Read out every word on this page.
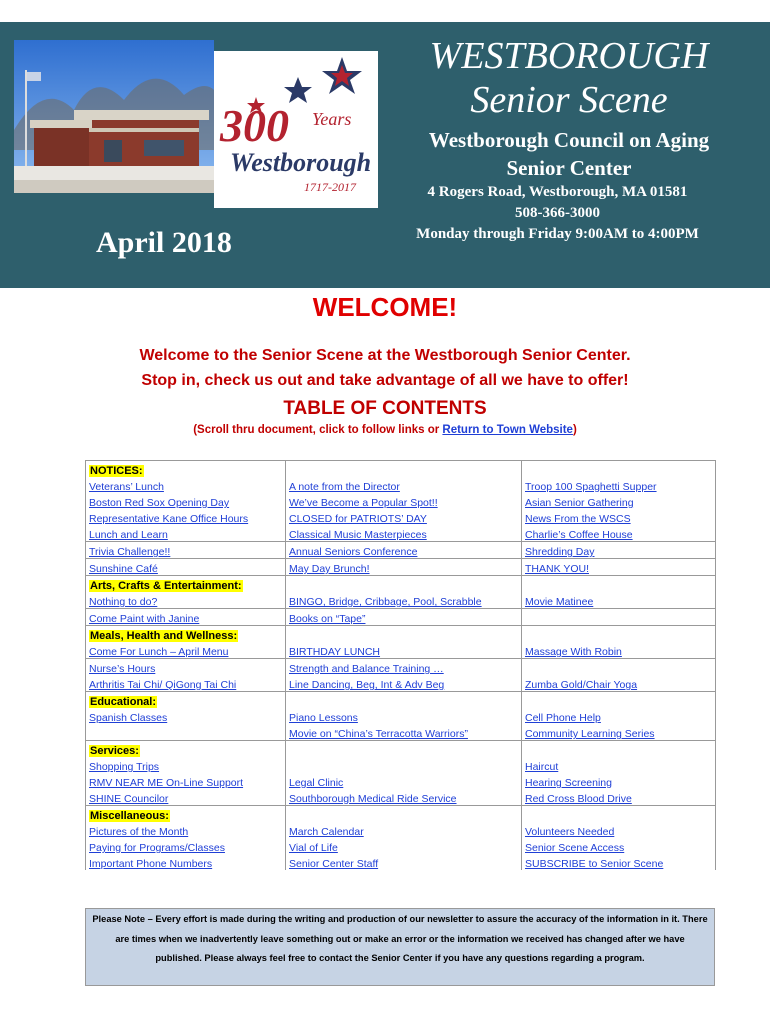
300 Years
Westborough
1717-2017
WESTBOROUGH
Senior Scene
Westborough Council on Aging
Senior Center
4 Rogers Road, Westborough, MA 01581
508-366-3000
Monday through Friday 9:00AM to 4:00PM
April 2018
WELCOME!
Welcome to the Senior Scene at the Westborough Senior Center.
Stop in, check us out and take advantage of all we have to offer!
TABLE OF CONTENTS
(Scroll thru document, click to follow links or Return to Town Website)
NOTICES:		
Veterans’ Lunch	A note from the Director	Troop 100 Spaghetti Supper
Boston Red Sox Opening Day	We’ve Become a Popular Spot!!	Asian Senior Gathering
Representative Kane Office Hours	CLOSED for PATRIOTS’ DAY	News From the WSCS
Lunch and Learn	Classical Music Masterpieces	Charlie’s Coffee House
Trivia Challenge!!	Annual Seniors Conference	Shredding Day
Sunshine Café	May Day Brunch!	THANK YOU!
Arts, Crafts & Entertainment:		
Nothing to do?	BINGO, Bridge, Cribbage, Pool, Scrabble	Movie Matinee
Come Paint with Janine	Books on “Tape”	
Meals, Health and Wellness:		
Come For Lunch – April Menu	BIRTHDAY LUNCH	Massage With Robin
Nurse’s Hours	Strength and Balance Training …	
Arthritis Tai Chi/ QiGong Tai Chi	Line Dancing, Beg, Int & Adv Beg	Zumba Gold/Chair Yoga
Educational:		
Spanish Classes	Piano Lessons	Cell Phone Help
	Movie on “China’s Terracotta Warriors”	Community Learning Series
Services:		
Shopping Trips		Haircut
RMV NEAR ME On-Line Support	Legal Clinic	Hearing Screening
SHINE Councilor	Southborough Medical Ride Service	Red Cross Blood Drive
Miscellaneous:		
Pictures of the Month	March Calendar	Volunteers Needed
Paying for Programs/Classes	Vial of Life	Senior Scene Access
Important Phone Numbers	Senior Center Staff	SUBSCRIBE to Senior Scene
Please Note – Every effort is made during the writing and production of our newsletter to assure the accuracy of the information in it. There are times when we inadvertently leave something out or make an error or the information we received has changed after we have published. Please always feel free to contact the Senior Center if you have any questions regarding a program.
